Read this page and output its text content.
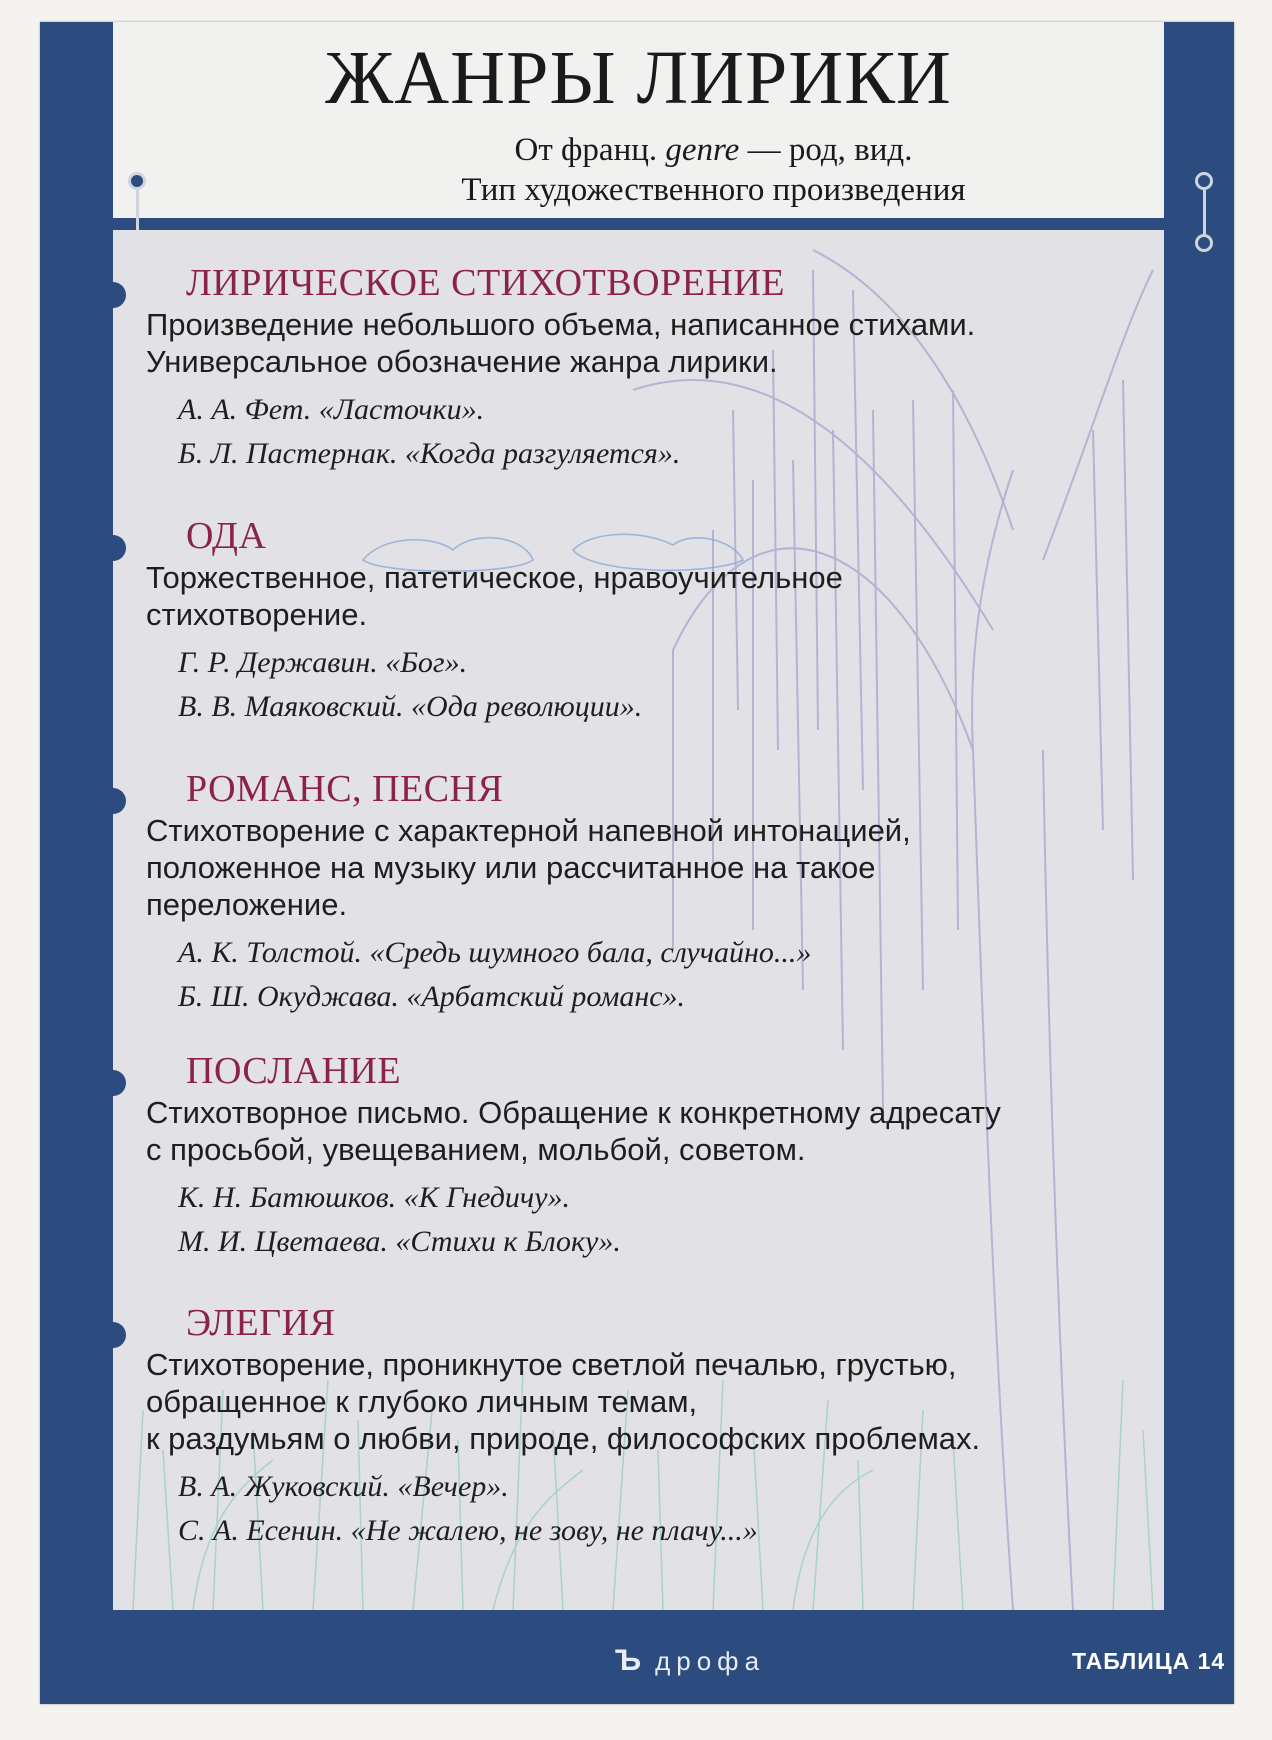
ЖАНРЫ ЛИРИКИ
От франц. genre — род, вид.
Тип художественного произведения
Ъ дрофа	ТАБЛИЦА 14
ЛИРИЧЕСКОЕ СТИХОТВОРЕНИЕ

Произведение небольшого объема, написанное стихами.
Универсальное обозначение жанра лирики.

А. А. Фет. «Ласточки».
Б. Л. Пастернак. «Когда разгуляется».
ОДА

Торжественное, патетическое, нравоучительное
стихотворение.

Г. Р. Державин. «Бог».
В. В. Маяковский. «Ода революции».
РОМАНС, ПЕСНЯ

Стихотворение с характерной напевной интонацией,
положенное на музыку или рассчитанное на такое
переложение.

А. К. Толстой. «Средь шумного бала, случайно...»
Б. Ш. Окуджава. «Арбатский романс».
ПОСЛАНИЕ

Стихотворное письмо. Обращение к конкретному адресату
с просьбой, увещеванием, мольбой, советом.

К. Н. Батюшков. «К Гнедичу».
М. И. Цветаева. «Стихи к Блоку».
ЭЛЕГИЯ

Стихотворение, проникнутое светлой печалью, грустью,
обращенное к глубоко личным темам,
к раздумьям о любви, природе, философских проблемах.

В. А. Жуковский. «Вечер».
С. А. Есенин. «Не жалею, не зову, не плачу...»
